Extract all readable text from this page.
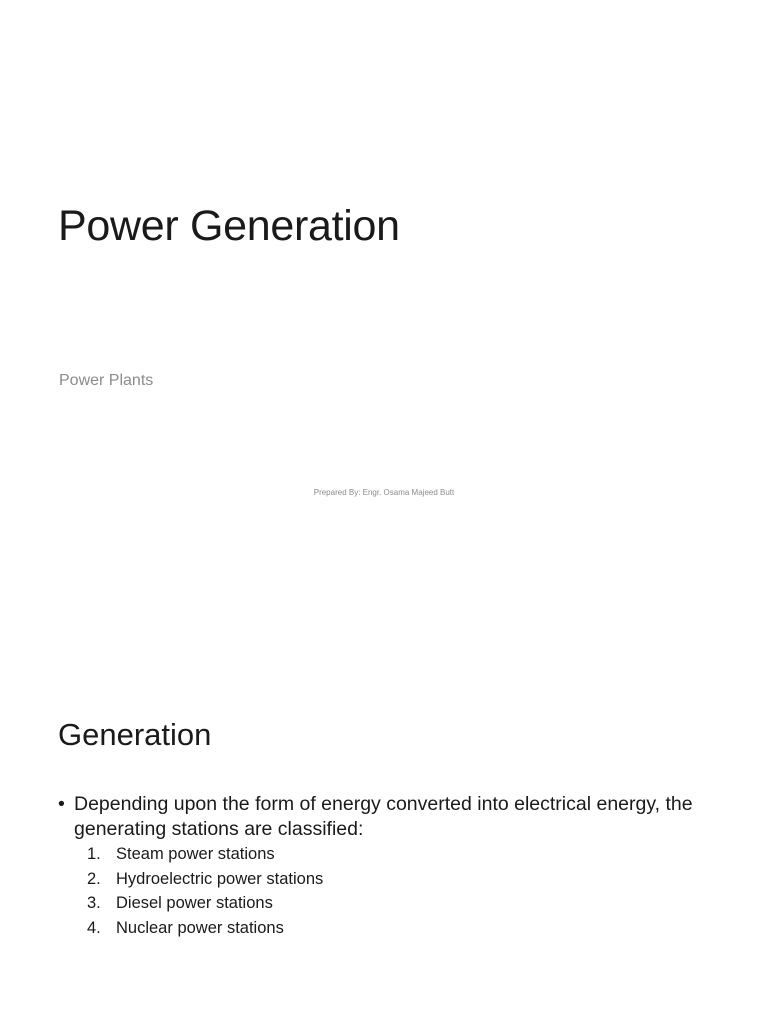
Power Generation

Power Plants

Prepared By: Engr. Osama Majeed Butt
Generation
• Depending upon the form of energy converted into electrical energy, the generating stations are classified:
1. Steam power stations
2. Hydroelectric power stations
3. Diesel power stations
4. Nuclear power stations
